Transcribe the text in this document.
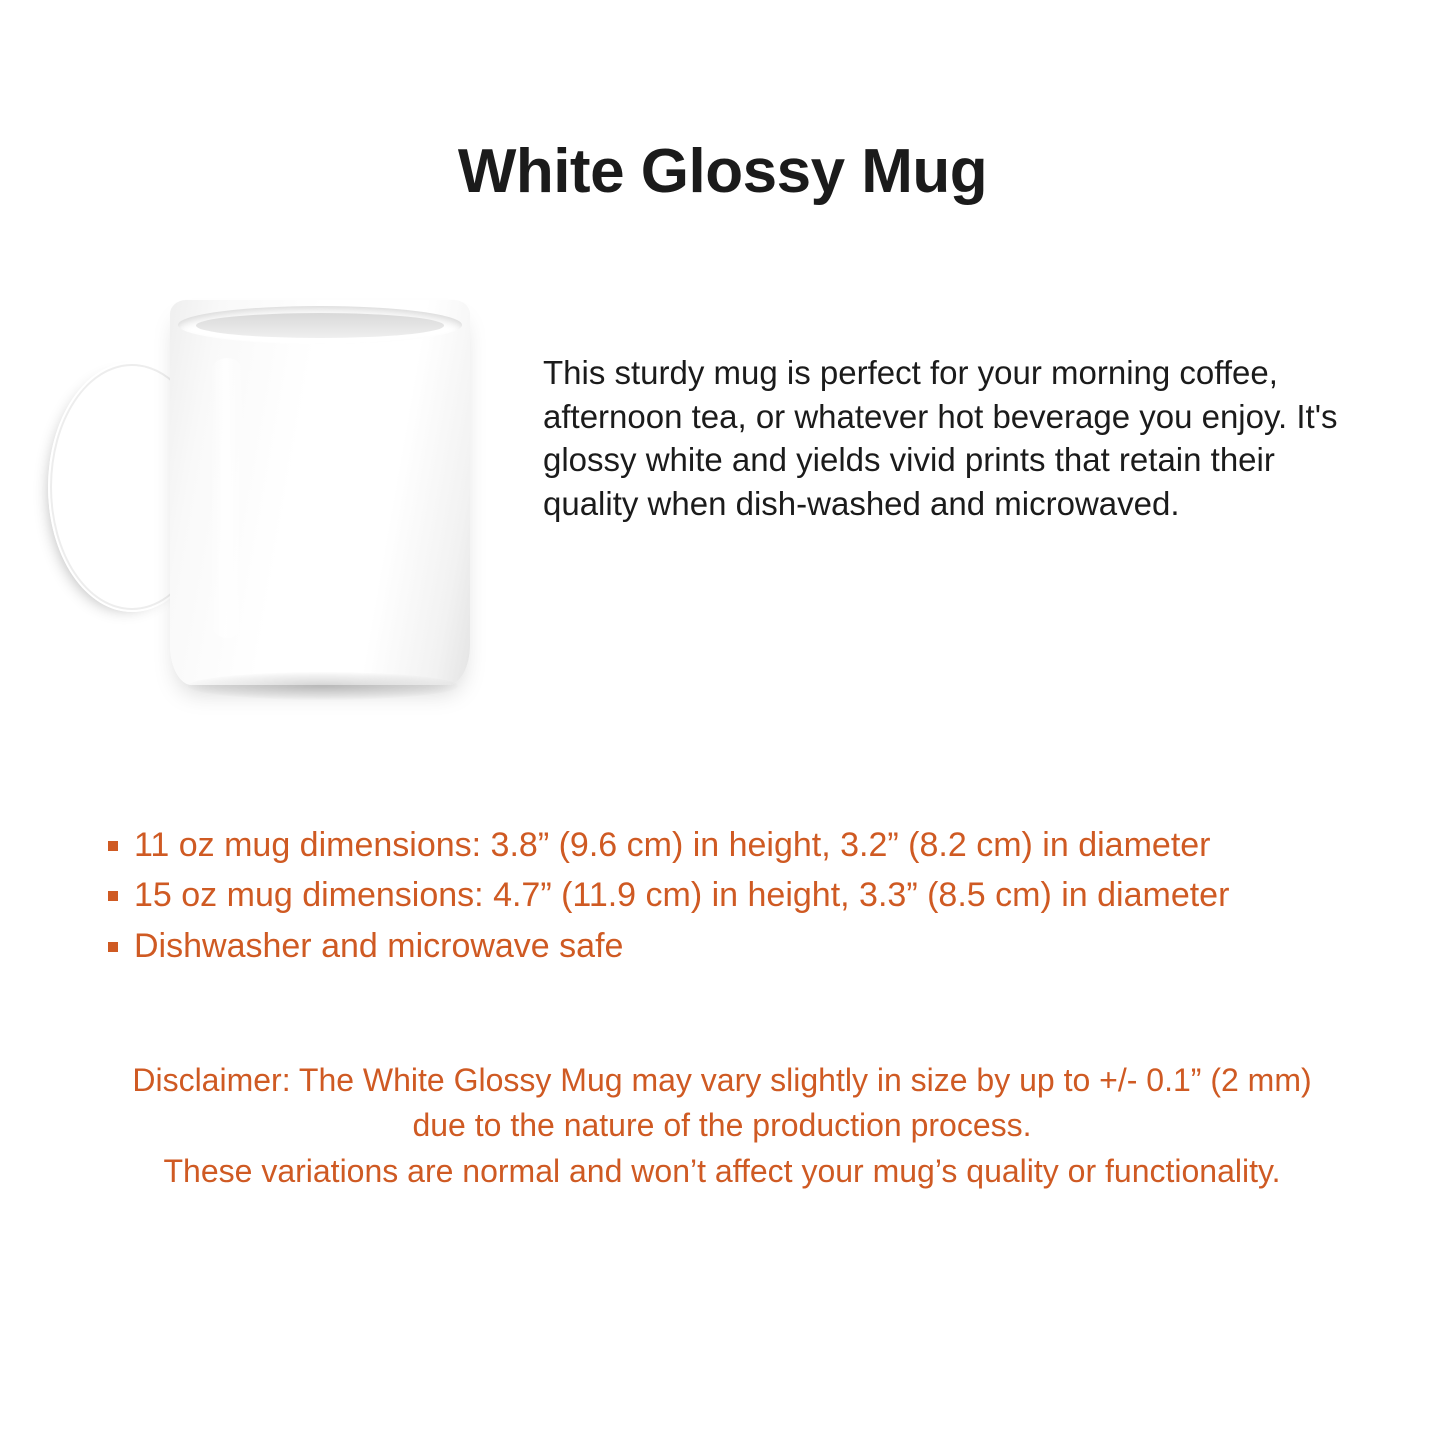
White Glossy Mug

This sturdy mug is perfect for your morning coffee, afternoon tea, or whatever hot beverage you enjoy. It's glossy white and yields vivid prints that retain their quality when dish-washed and microwaved.

11 oz mug dimensions: 3.8” (9.6 cm) in height, 3.2” (8.2 cm) in diameter
15 oz mug dimensions: 4.7” (11.9 cm) in height, 3.3” (8.5 cm) in diameter
Dishwasher and microwave safe
Disclaimer: The White Glossy Mug may vary slightly in size by up to +/- 0.1” (2 mm)
due to the nature of the production process.
These variations are normal and won’t affect your mug’s quality or functionality.
